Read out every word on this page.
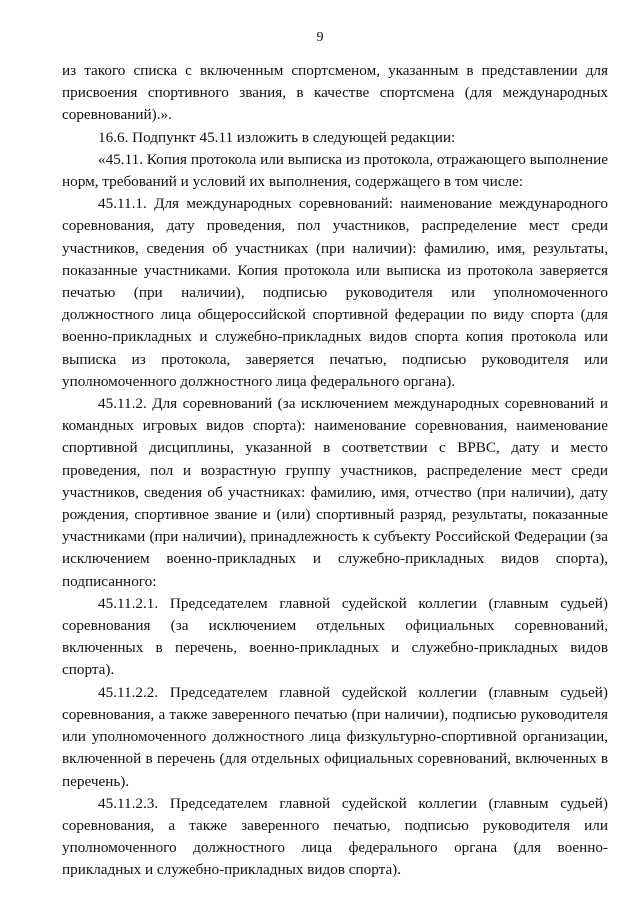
9

из такого списка с включенным спортсменом, указанным в представлении для присвоения спортивного звания, в качестве спортсмена (для международных соревнований).».

16.6. Подпункт 45.11 изложить в следующей редакции:

«45.11. Копия протокола или выписка из протокола, отражающего выполнение норм, требований и условий их выполнения, содержащего в том числе:

45.11.1. Для международных соревнований: наименование международного соревнования, дату проведения, пол участников, распределение мест среди участников, сведения об участниках (при наличии): фамилию, имя, результаты, показанные участниками. Копия протокола или выписка из протокола заверяется печатью (при наличии), подписью руководителя или уполномоченного должностного лица общероссийской спортивной федерации по виду спорта (для военно-прикладных и служебно-прикладных видов спорта копия протокола или выписка из протокола, заверяется печатью, подписью руководителя или уполномоченного должностного лица федерального органа).

45.11.2. Для соревнований (за исключением международных соревнований и командных игровых видов спорта): наименование соревнования, наименование спортивной дисциплины, указанной в соответствии с ВРВС, дату и место проведения, пол и возрастную группу участников, распределение мест среди участников, сведения об участниках: фамилию, имя, отчество (при наличии), дату рождения, спортивное звание и (или) спортивный разряд, результаты, показанные участниками (при наличии), принадлежность к субъекту Российской Федерации (за исключением военно-прикладных и служебно-прикладных видов спорта), подписанного:

45.11.2.1. Председателем главной судейской коллегии (главным судьей) соревнования (за исключением отдельных официальных соревнований, включенных в перечень, военно-прикладных и служебно-прикладных видов спорта).

45.11.2.2. Председателем главной судейской коллегии (главным судьей) соревнования, а также заверенного печатью (при наличии), подписью руководителя или уполномоченного должностного лица физкультурно-спортивной организации, включенной в перечень (для отдельных официальных соревнований, включенных в перечень).

45.11.2.3. Председателем главной судейской коллегии (главным судьей) соревнования, а также заверенного печатью, подписью руководителя или уполномоченного должностного лица федерального органа (для военно-прикладных и служебно-прикладных видов спорта).
